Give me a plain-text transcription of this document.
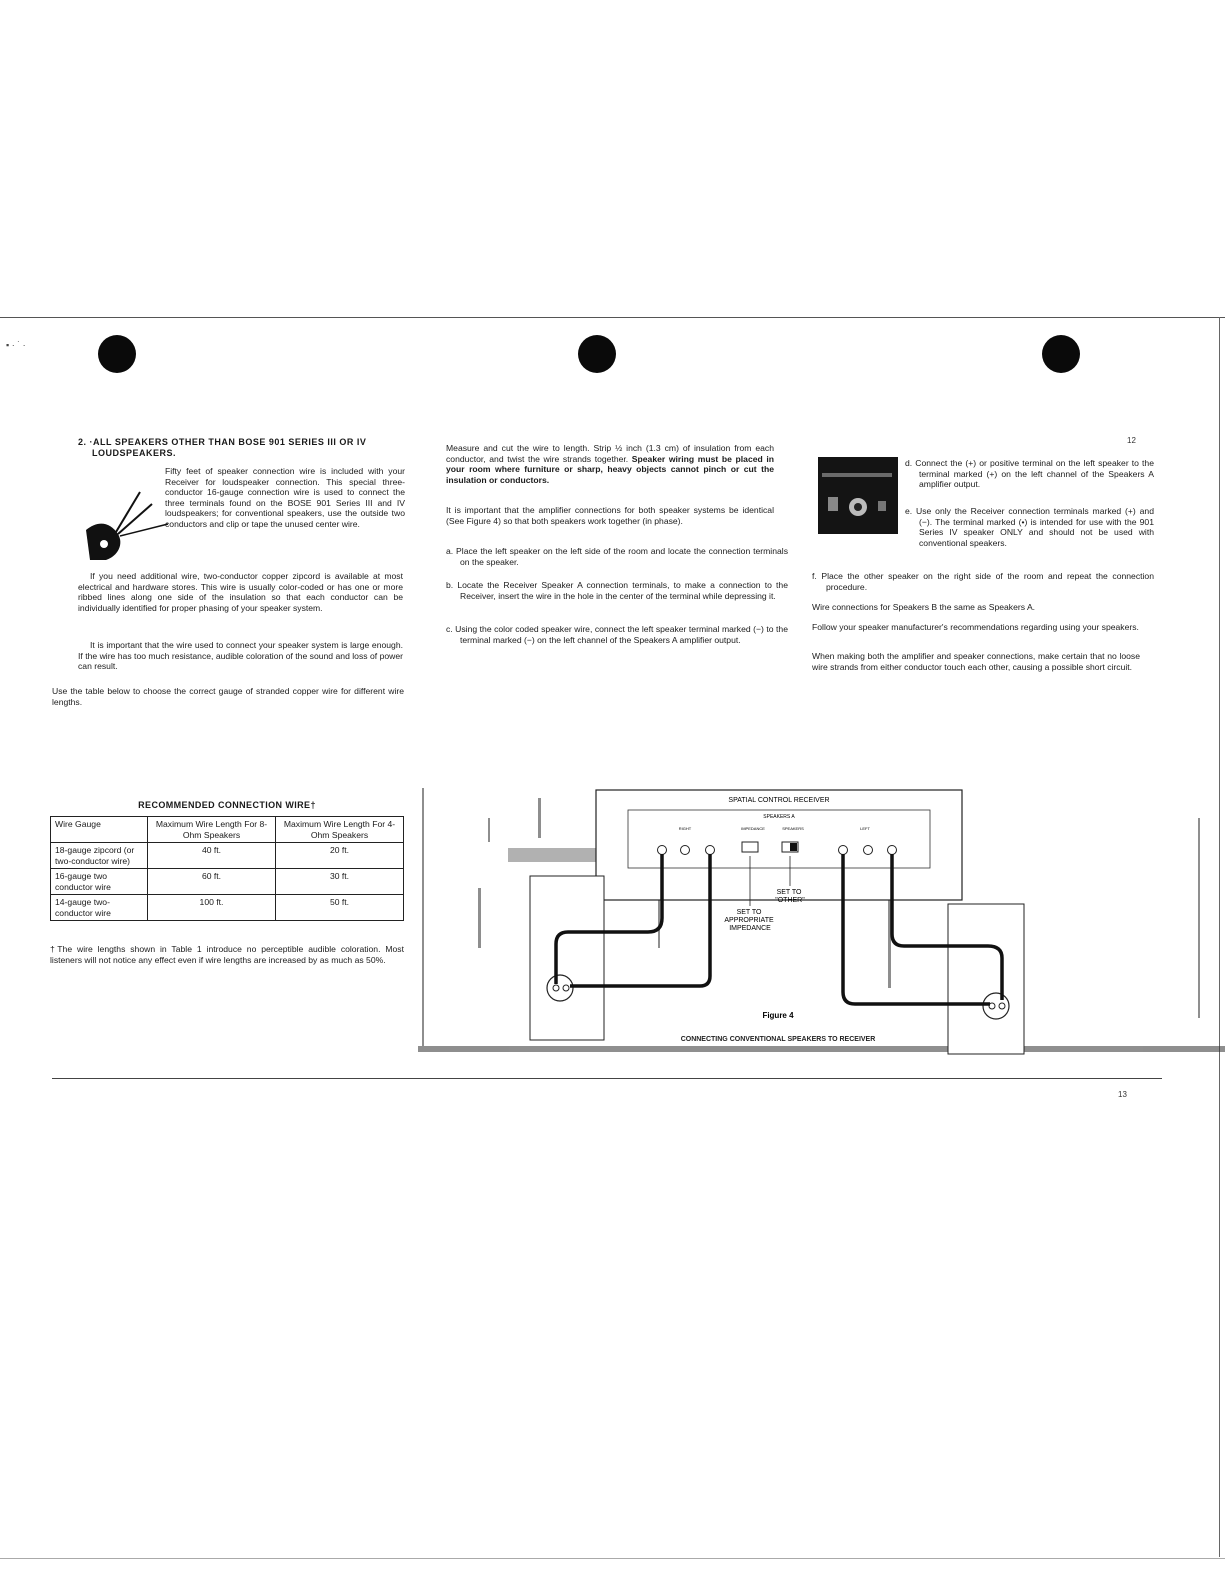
▪ · ˙ ·
12
13
2. ·ALL SPEAKERS OTHER THAN BOSE 901 SERIES III OR IV
LOUDSPEAKERS.

Fifty feet of speaker connection wire is included with your Receiver for loudspeaker connection. This special three-conductor 16-gauge connection wire is used to connect the three terminals found on the BOSE 901 Series III and IV loudspeakers; for conventional speakers, use the outside two conductors and clip or tape the unused center wire.

If you need additional wire, two-conductor copper zipcord is available at most electrical and hardware stores. This wire is usually color-coded or has one or more ribbed lines along one side of the insulation so that each conductor can be individually identified for proper phasing of your speaker system.

It is important that the wire used to connect your speaker system is large enough. If the wire has too much resistance, audible coloration of the sound and loss of power can result.

Use the table below to choose the correct gauge of stranded copper wire for different wire lengths.

Measure and cut the wire to length. Strip ½ inch (1.3 cm) of insulation from each conductor, and twist the wire strands together. Speaker wiring must be placed in your room where furniture or sharp, heavy objects cannot pinch or cut the insulation or conductors.

It is important that the amplifier connections for both speaker systems be identical (See Figure 4) so that both speakers work together (in phase).

a. Place the left speaker on the left side of the room and locate the connection terminals on the speaker.

b. Locate the Receiver Speaker A connection terminals, to make a connection to the Receiver, insert the wire in the hole in the center of the terminal while depressing it.

c. Using the color coded speaker wire, connect the left speaker terminal marked (−) to the terminal marked (−) on the left channel of the Speakers A amplifier output.

d. Connect the (+) or positive terminal on the left speaker to the terminal marked (+) on the left channel of the Speakers A amplifier output.

e. Use only the Receiver connection terminals marked (+) and (−). The terminal marked (•) is intended for use with the 901 Series IV speaker ONLY and should not be used with conventional speakers.

f. Place the other speaker on the right side of the room and repeat the connection procedure.

Wire connections for Speakers B the same as Speakers A.

Follow your speaker manufacturer's recommendations regarding using your speakers.

When making both the amplifier and speaker connections, make certain that no loose wire strands from either conductor touch each other, causing a possible short circuit.

RECOMMENDED CONNECTION WIRE†
Wire Gauge	Maximum Wire Length For 8-Ohm Speakers	Maximum Wire Length For 4-Ohm Speakers
18-gauge zipcord (or two-conductor wire)	40 ft.	20 ft.
16-gauge two conductor wire	60 ft.	30 ft.
14-gauge two-conductor wire	100 ft.	50 ft.

†The wire lengths shown in Table 1 introduce no perceptible audible coloration. Most listeners will not notice any effect even if wire lengths are increased by as much as 50%.

SPATIAL CONTROL RECEIVER
SPEAKERS A
RIGHT	IMPEDANCE	SPEAKERS	LEFT
SET TO APPROPRIATE IMPEDANCE
SET TO "OTHER"
Figure 4
CONNECTING CONVENTIONAL SPEAKERS TO RECEIVER
